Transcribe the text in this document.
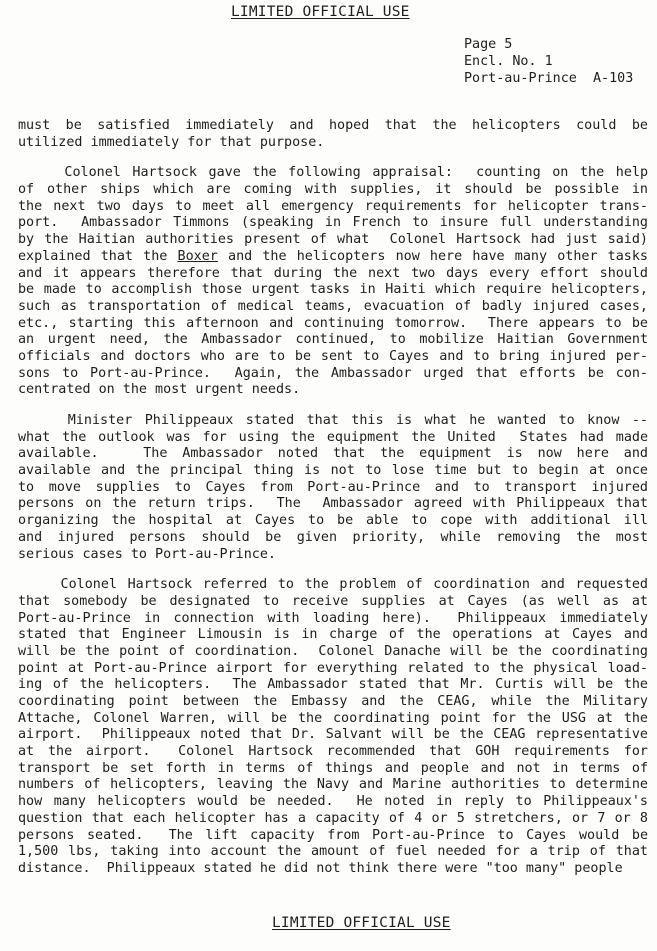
LIMITED OFFICIAL USE
Page 5
Encl. No. 1
Port-au-Prince  A-103
must be satisfied immediately and hoped that the helicopters could be
utilized immediately for that purpose.
Colonel Hartsock gave the following appraisal:  counting on the help
of other ships which are coming with supplies, it should be possible in
the next two days to meet all emergency requirements for helicopter trans-
port.  Ambassador Timmons (speaking in French to insure full understanding
by the Haitian authorities present of what  Colonel Hartsock had just said)
explained that the Boxer and the helicopters now here have many other tasks
and it appears therefore that during the next two days every effort should
be made to accomplish those urgent tasks in Haiti which require helicopters,
such as transportation of medical teams, evacuation of badly injured cases,
etc., starting this afternoon and continuing tomorrow.  There appears to be
an urgent need, the Ambassador continued, to mobilize Haitian Government
officials and doctors who are to be sent to Cayes and to bring injured per-
sons to Port-au-Prince.  Again, the Ambassador urged that efforts be con-
centrated on the most urgent needs.
Minister Philippeaux stated that this is what he wanted to know --
what the outlook was for using the equipment the United  States had made
available.   The Ambassador noted that the equipment is now here and
available and the principal thing is not to lose time but to begin at once
to move supplies to Cayes from Port-au-Prince and to transport injured
persons on the return trips.  The  Ambassador agreed with Philippeaux that
organizing the hospital at Cayes to be able to cope with additional ill
and injured persons should be given priority, while removing the most
serious cases to Port-au-Prince.
Colonel Hartsock referred to the problem of coordination and requested
that somebody be designated to receive supplies at Cayes (as well as at
Port-au-Prince in connection with loading here).  Philippeaux immediately
stated that Engineer Limousin is in charge of the operations at Cayes and
will be the point of coordination.  Colonel Danache will be the coordinating
point at Port-au-Prince airport for everything related to the physical load-
ing of the helicopters.  The Ambassador stated that Mr. Curtis will be the
coordinating point between the Embassy and the CEAG, while the Military
Attache, Colonel Warren, will be the coordinating point for the USG at the
airport.  Philippeaux noted that Dr. Salvant will be the CEAG representative
at the airport.  Colonel Hartsock recommended that GOH requirements for
transport be set forth in terms of things and people and not in terms of
numbers of helicopters, leaving the Navy and Marine authorities to determine
how many helicopters would be needed.  He noted in reply to Philippeaux's
question that each helicopter has a capacity of 4 or 5 stretchers, or 7 or 8
persons seated.  The lift capacity from Port-au-Prince to Cayes would be
1,500 lbs, taking into account the amount of fuel needed for a trip of that
distance.  Philippeaux stated he did not think there were "too many" people
LIMITED OFFICIAL USE
